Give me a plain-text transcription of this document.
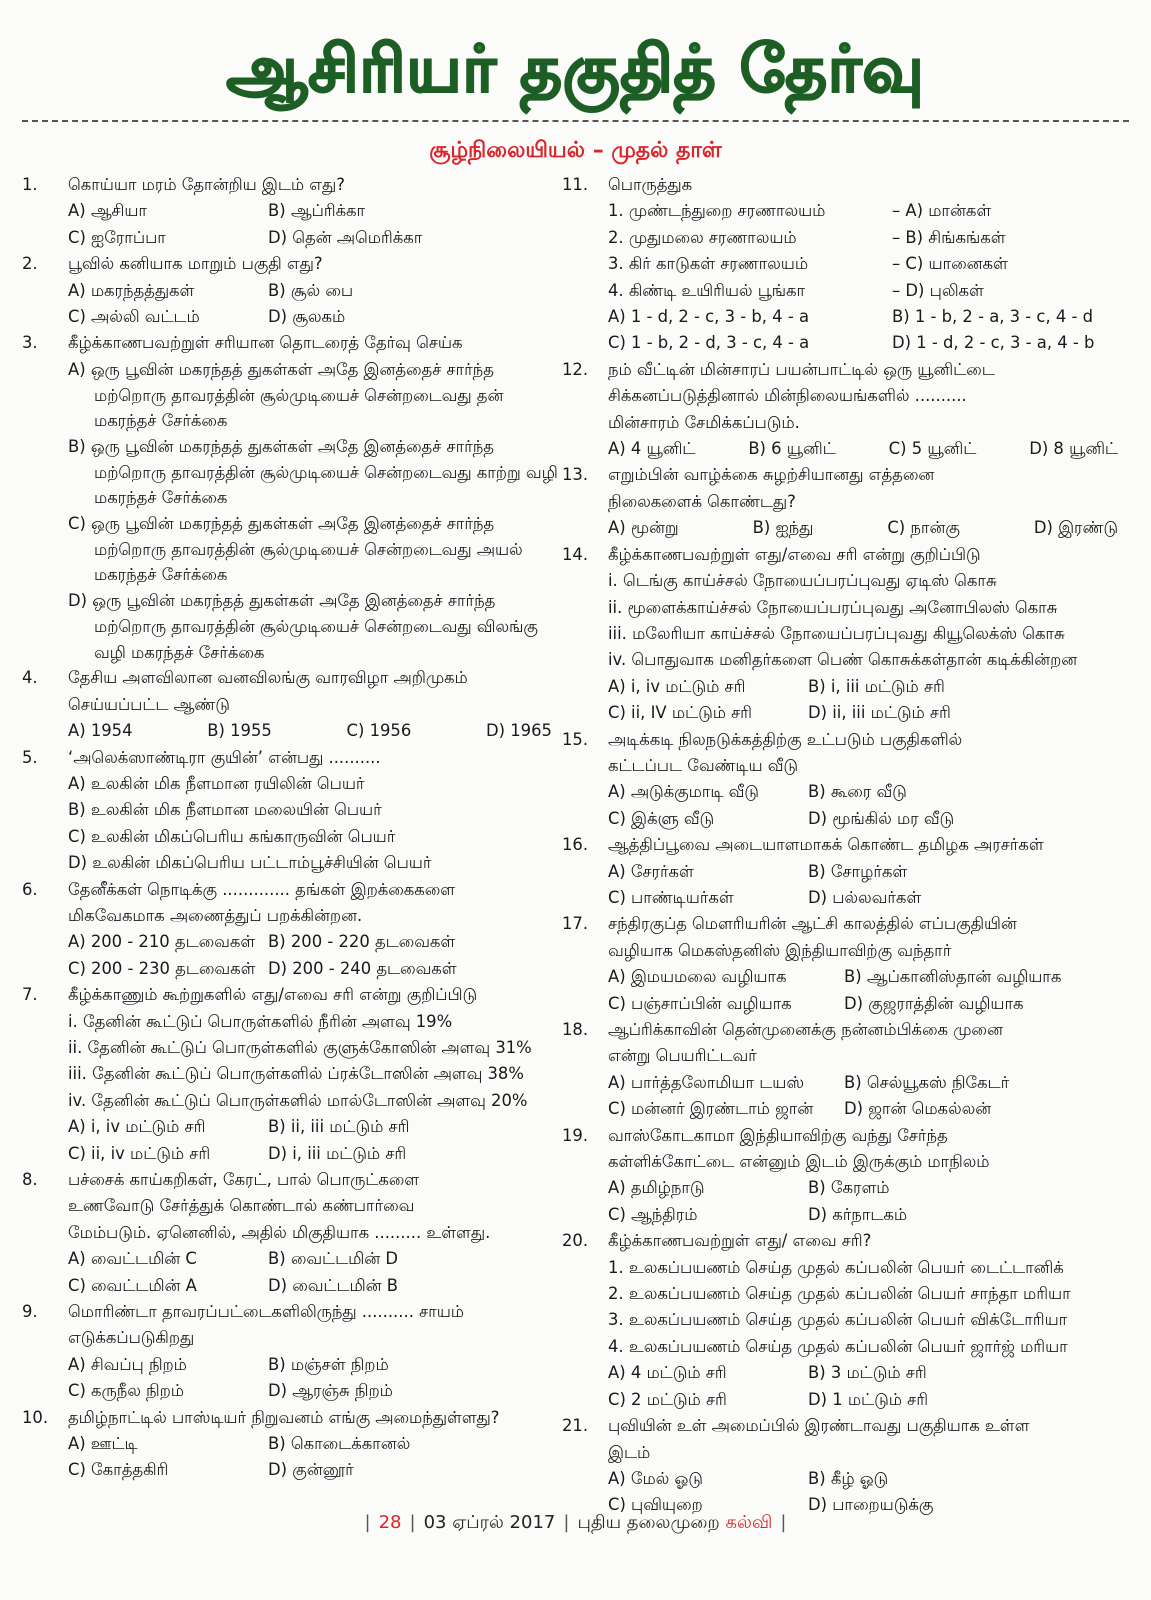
ஆசிரியர் தகுதித் தேர்வு
சூழ்நிலையியல் – முதல் தாள்
1.	கொய்யா மரம் தோன்றிய இடம் எது?
A) ஆசியா	B) ஆப்ரிக்கா
C) ஐரோப்பா	D) தென் அமெரிக்கா
2.	பூவில் கனியாக மாறும் பகுதி எது?
A) மகரந்தத்துகள்	B) சூல் பை
C) அல்லி வட்டம்	D) சூலகம்
3.	கீழ்க்காணபவற்றுள் சரியான தொடரைத் தேர்வு செய்க
A) ஒரு பூவின் மகரந்தத் துகள்கள் அதே இனத்தைச் சார்ந்த மற்றொரு தாவரத்தின் சூல்முடியைச் சென்றடைவது தன் மகரந்தச் சேர்க்கை
B) ஒரு பூவின் மகரந்தத் துகள்கள் அதே இனத்தைச் சார்ந்த மற்றொரு தாவரத்தின் சூல்முடியைச் சென்றடைவது காற்று வழி மகரந்தச் சேர்க்கை
C) ஒரு பூவின் மகரந்தத் துகள்கள் அதே இனத்தைச் சார்ந்த மற்றொரு தாவரத்தின் சூல்முடியைச் சென்றடைவது அயல் மகரந்தச் சேர்க்கை
D) ஒரு பூவின் மகரந்தத் துகள்கள் அதே இனத்தைச் சார்ந்த மற்றொரு தாவரத்தின் சூல்முடியைச் சென்றடைவது விலங்கு வழி மகரந்தச் சேர்க்கை
4.	தேசிய அளவிலான வனவிலங்கு வாரவிழா அறிமுகம்
செய்யப்பட்ட ஆண்டு
A) 1954	B) 1955	C) 1956	D) 1965
5.	‘அலெக்ஸாண்டிரா குயின்’ என்பது ..........
A) உலகின் மிக நீளமான ரயிலின் பெயர்
B) உலகின் மிக நீளமான மலையின் பெயர்
C) உலகின் மிகப்பெரிய கங்காருவின் பெயர்
D) உலகின் மிகப்பெரிய பட்டாம்பூச்சியின் பெயர்
6.	தேனீக்கள் நொடிக்கு ............. தங்கள் இறக்கைகளை
மிகவேகமாக அணைத்துப் பறக்கின்றன.
A) 200 - 210 தடவைகள் B) 200 - 220 தடவைகள்
C) 200 - 230 தடவைகள் D) 200 - 240 தடவைகள்
7.	கீழ்க்காணும் கூற்றுகளில் எது/எவை சரி என்று குறிப்பிடு
i. தேனின் கூட்டுப் பொருள்களில் நீரின் அளவு 19%
ii. தேனின் கூட்டுப் பொருள்களில் குளுக்கோஸின் அளவு 31%
iii. தேனின் கூட்டுப் பொருள்களில் ப்ரக்டோஸின் அளவு 38%
iv. தேனின் கூட்டுப் பொருள்களில் மால்டோஸின் அளவு 20%
A) i, iv மட்டும் சரி	B) ii, iii மட்டும் சரி
C) ii, iv மட்டும் சரி	D) i, iii மட்டும் சரி
8.	பச்சைக் காய்கறிகள், கேரட், பால் பொருட்களை
உணவோடு சேர்த்துக் கொண்டால் கண்பார்வை
மேம்படும். ஏனெனில், அதில் மிகுதியாக ......... உள்ளது.
A) வைட்டமின் C	B) வைட்டமின் D
C) வைட்டமின் A	D) வைட்டமின் B
9.	மொரிண்டா தாவரப்பட்டைகளிலிருந்து .......... சாயம்
எடுக்கப்படுகிறது
A) சிவப்பு நிறம்	B) மஞ்சள் நிறம்
C) கருநீல நிறம்	D) ஆரஞ்சு நிறம்
10.	தமிழ்நாட்டில் பாஸ்டியர் நிறுவனம் எங்கு அமைந்துள்ளது?
A) ஊட்டி	B) கொடைக்கானல்
C) கோத்தகிரி	D) குன்னூர்
11.	பொருத்துக
1. முண்டந்துறை சரணாலயம்	– A) மான்கள்
2. முதுமலை சரணாலயம்	– B) சிங்கங்கள்
3. கிர் காடுகள் சரணாலயம்	– C) யானைகள்
4. கிண்டி உயிரியல் பூங்கா	– D) புலிகள்
A) 1 - d, 2 - c, 3 - b, 4 - a	B) 1 - b, 2 - a, 3 - c, 4 - d
C) 1 - b, 2 - d, 3 - c, 4 - a	D) 1 - d, 2 - c, 3 - a, 4 - b
12.	நம் வீட்டின் மின்சாரப் பயன்பாட்டில் ஒரு யூனிட்டை
சிக்கனப்படுத்தினால் மின்நிலையங்களில் ..........
மின்சாரம் சேமிக்கப்படும்.
A) 4 யூனிட்	B) 6 யூனிட்	C) 5 யூனிட்	D) 8 யூனிட்
13.	எறும்பின் வாழ்க்கை சுழற்சியானது எத்தனை
நிலைகளைக் கொண்டது?
A) மூன்று	B) ஐந்து	C) நான்கு	D) இரண்டு
14.	கீழ்க்காணபவற்றுள் எது/எவை சரி என்று குறிப்பிடு
i. டெங்கு காய்ச்சல் நோயைப்பரப்புவது ஏடிஸ் கொசு
ii. மூளைக்காய்ச்சல் நோயைப்பரப்புவது அனோபிலஸ் கொசு
iii. மலேரியா காய்ச்சல் நோயைப்பரப்புவது கியூலெக்ஸ் கொசு
iv. பொதுவாக மனிதர்களை பெண் கொசுக்கள்தான் கடிக்கின்றன
A) i, iv மட்டும் சரி	B) i, iii மட்டும் சரி
C) ii, IV மட்டும் சரி	D) ii, iii மட்டும் சரி
15.	அடிக்கடி நிலநடுக்கத்திற்கு உட்படும் பகுதிகளில்
கட்டப்பட வேண்டிய வீடு
A) அடுக்குமாடி வீடு	B) கூரை வீடு
C) இக்ளு வீடு	D) மூங்கில் மர வீடு
16.	ஆத்திப்பூவை அடையாளமாகக் கொண்ட தமிழக அரசர்கள்
A) சேரர்கள்	B) சோழர்கள்
C) பாண்டியர்கள்	D) பல்லவர்கள்
17.	சந்திரகுப்த மௌரியரின் ஆட்சி காலத்தில் எப்பகுதியின்
வழியாக மெகஸ்தனிஸ் இந்தியாவிற்கு வந்தார்
A) இமயமலை வழியாக	B) ஆப்கானிஸ்தான் வழியாக
C) பஞ்சாப்பின் வழியாக	D) குஜராத்தின் வழியாக
18.	ஆப்ரிக்காவின் தென்முனைக்கு நன்னம்பிக்கை முனை
என்று பெயரிட்டவர்
A) பார்த்தலோமியா டயஸ்	B) செல்யூகஸ் நிகேடர்
C) மன்னர் இரண்டாம் ஜான்	D) ஜான் மெகல்லன்
19.	வாஸ்கோடகாமா இந்தியாவிற்கு வந்து சேர்ந்த
கள்ளிக்கோட்டை என்னும் இடம் இருக்கும் மாநிலம்
A) தமிழ்நாடு	B) கேரளம்
C) ஆந்திரம்	D) கர்நாடகம்
20.	கீழ்க்காணபவற்றுள் எது/ எவை சரி?
1. உலகப்பயணம் செய்த முதல் கப்பலின் பெயர் டைட்டானிக்
2. உலகப்பயணம் செய்த முதல் கப்பலின் பெயர் சாந்தா மரியா
3. உலகப்பயணம் செய்த முதல் கப்பலின் பெயர் விக்டோரியா
4. உலகப்பயணம் செய்த முதல் கப்பலின் பெயர் ஜார்ஜ் மரியா
A) 4 மட்டும் சரி	B) 3 மட்டும் சரி
C) 2 மட்டும் சரி	D) 1 மட்டும் சரி
21.	புவியின் உள் அமைப்பில் இரண்டாவது பகுதியாக உள்ள
இடம்
A) மேல் ஓடு	B) கீழ் ஓடு
C) புவியுறை	D) பாறையடுக்கு
| 28 | 03 ஏப்ரல் 2017 | புதிய தலைமுறை கல்வி |
